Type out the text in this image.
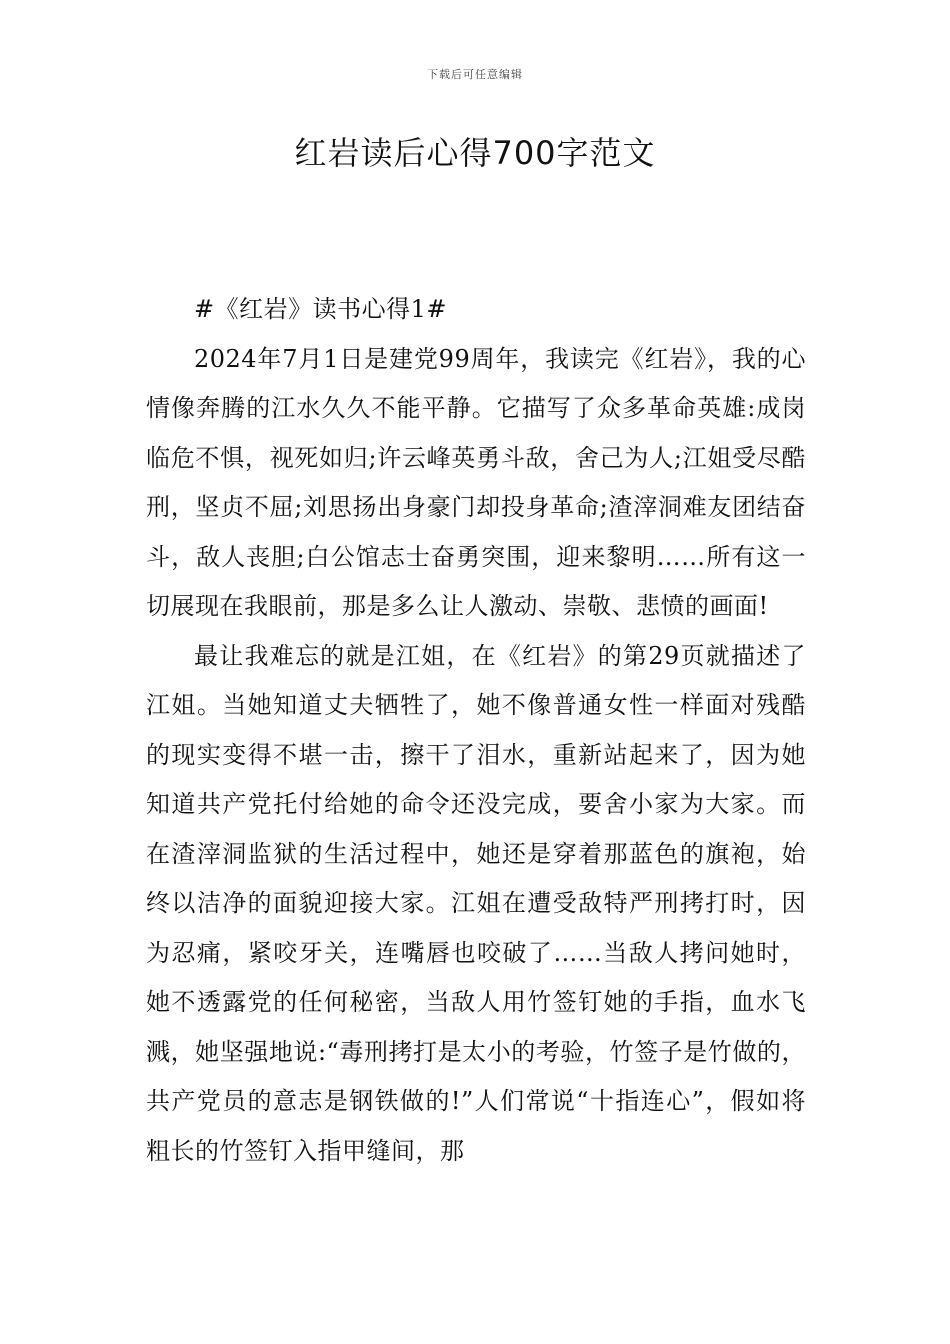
下载后可任意编辑
红岩读后心得700字范文

#《红岩》读书心得1#

2024年7月1日是建党99周年，我读完《红岩》，我的心情像奔腾的江水久久不能平静。它描写了众多革命英雄:成岗临危不惧，视死如归;许云峰英勇斗敌，舍己为人;江姐受尽酷刑，坚贞不屈;刘思扬出身豪门却投身革命;渣滓洞难友团结奋斗，敌人丧胆;白公馆志士奋勇突围，迎来黎明……所有这一切展现在我眼前，那是多么让人激动、崇敬、悲愤的画面!

最让我难忘的就是江姐，在《红岩》的第29页就描述了江姐。当她知道丈夫牺牲了，她不像普通女性一样面对残酷的现实变得不堪一击，擦干了泪水，重新站起来了，因为她知道共产党托付给她的命令还没完成，要舍小家为大家。而在渣滓洞监狱的生活过程中，她还是穿着那蓝色的旗袍，始终以洁净的面貌迎接大家。江姐在遭受敌特严刑拷打时，因为忍痛，紧咬牙关，连嘴唇也咬破了……当敌人拷问她时，她不透露党的任何秘密，当敌人用竹签钉她的手指，血水飞溅，她坚强地说:“毒刑拷打是太小的考验，竹签子是竹做的，共产党员的意志是钢铁做的!”人们常说“十指连心”，假如将粗长的竹签钉入指甲缝间，那
